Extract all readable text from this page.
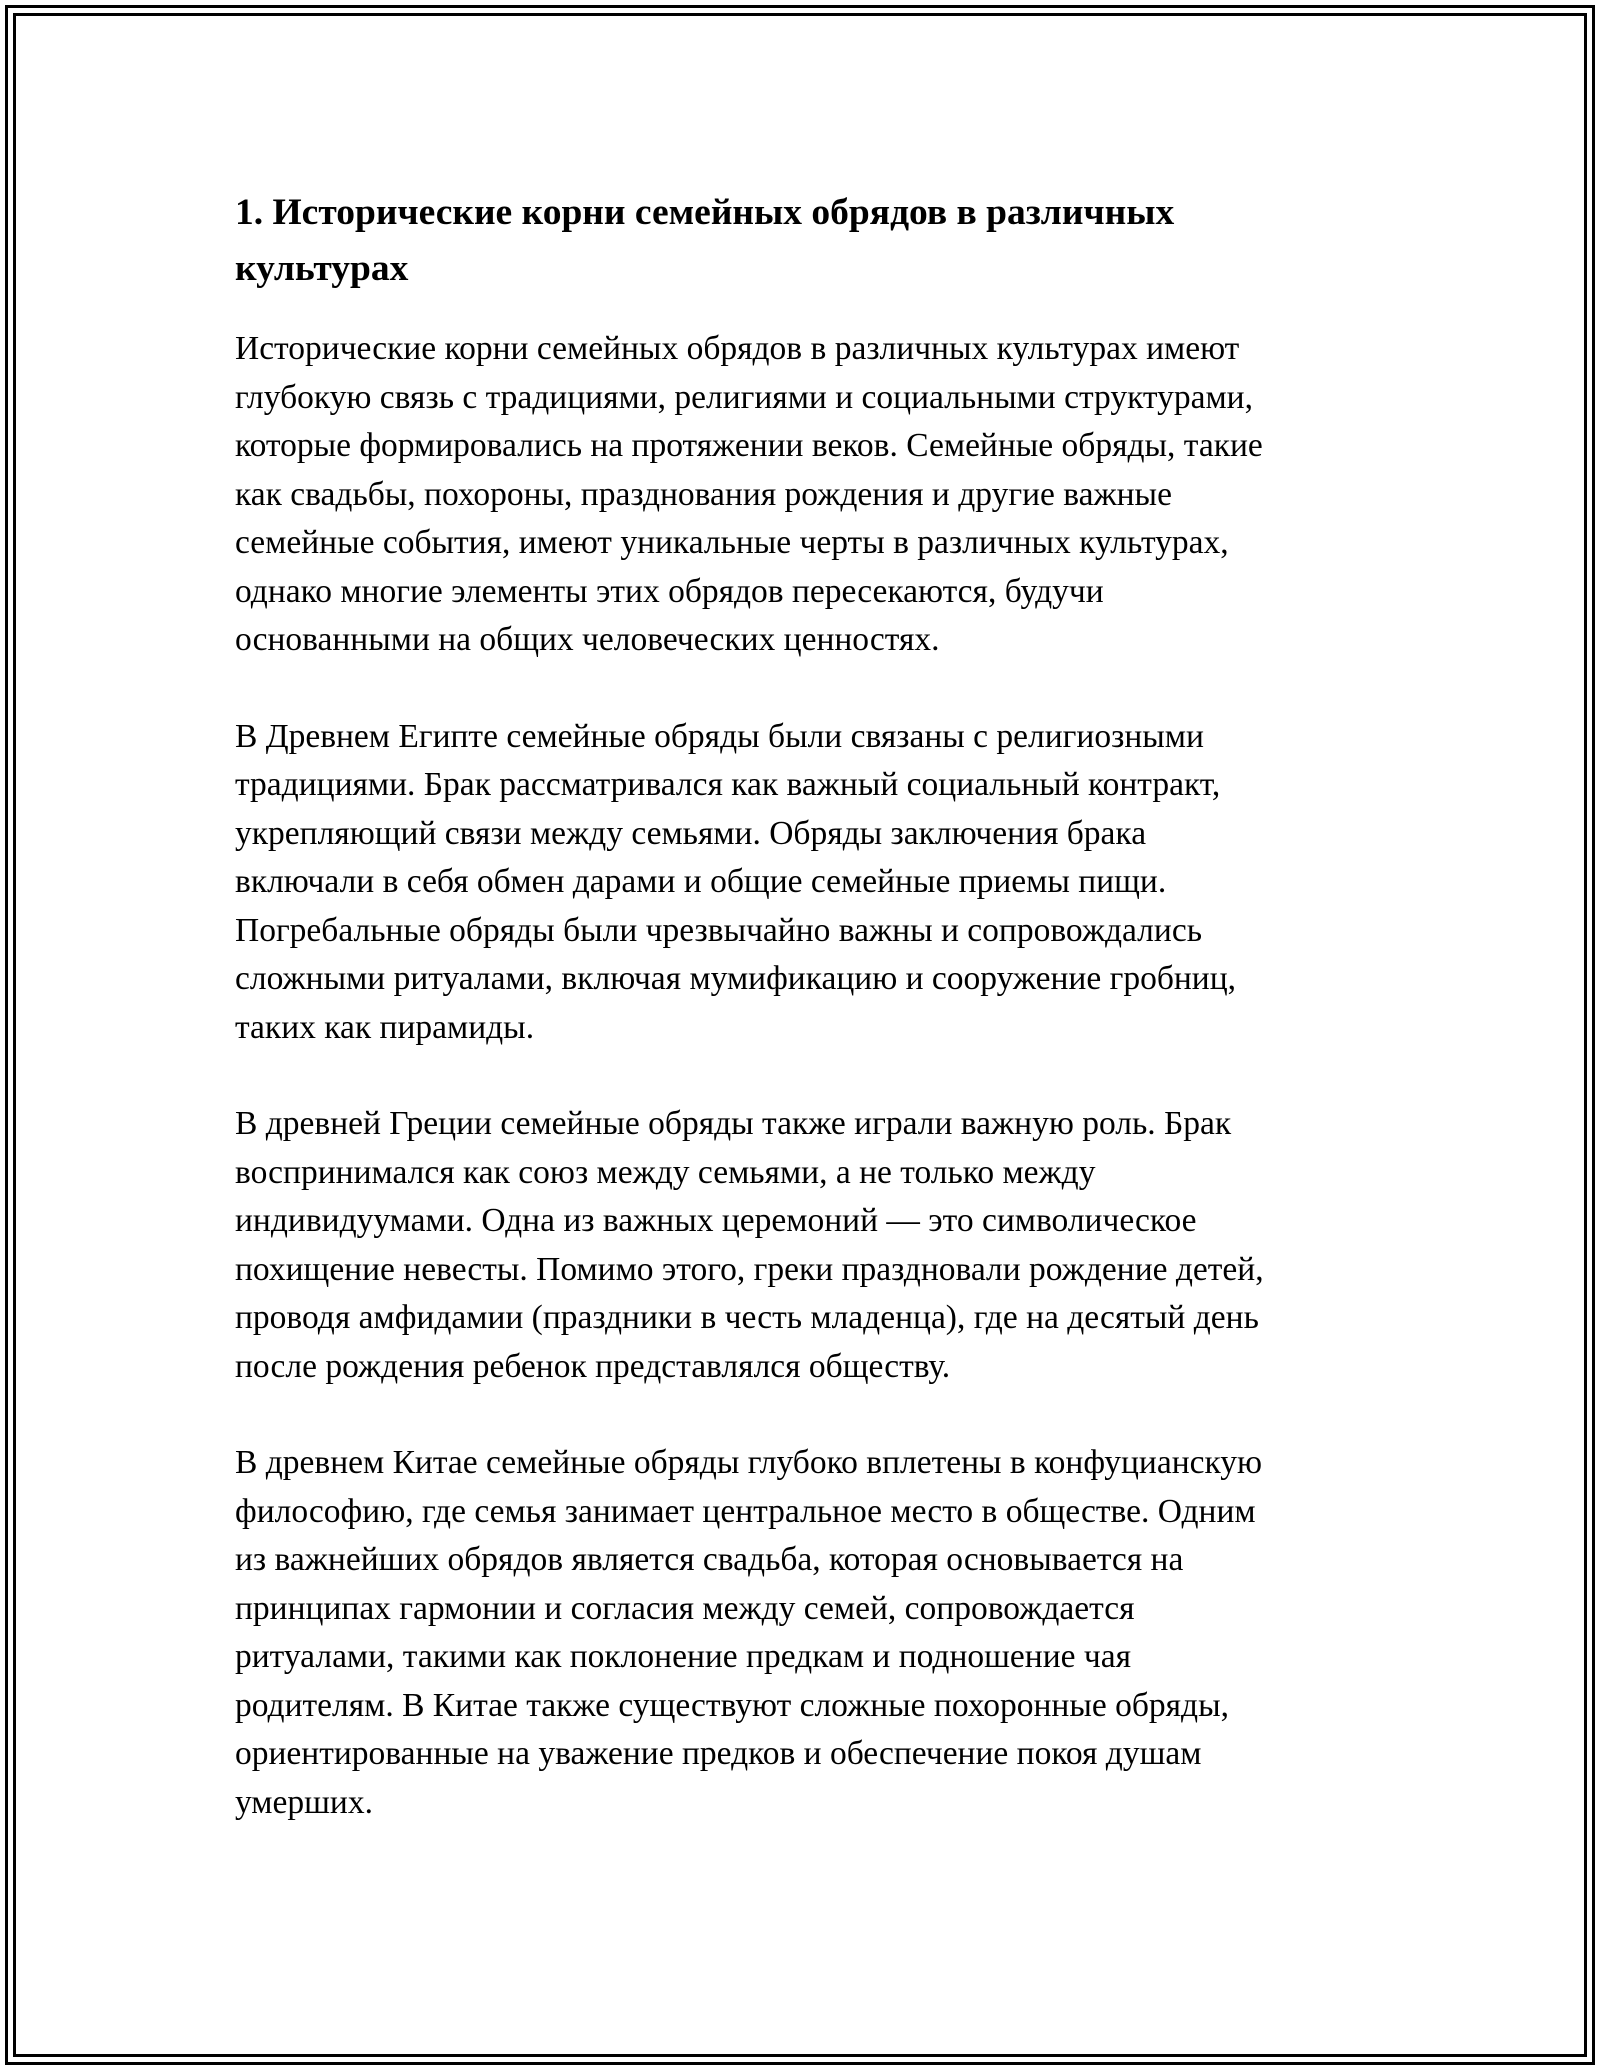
1. Исторические корни семейных обрядов в различных
культурах

Исторические корни семейных обрядов в различных культурах имеют
глубокую связь с традициями, религиями и социальными структурами,
которые формировались на протяжении веков. Семейные обряды, такие
как свадьбы, похороны, празднования рождения и другие важные
семейные события, имеют уникальные черты в различных культурах,
однако многие элементы этих обрядов пересекаются, будучи
основанными на общих человеческих ценностях.

В Древнем Египте семейные обряды были связаны с религиозными
традициями. Брак рассматривался как важный социальный контракт,
укрепляющий связи между семьями. Обряды заключения брака
включали в себя обмен дарами и общие семейные приемы пищи.
Погребальные обряды были чрезвычайно важны и сопровождались
сложными ритуалами, включая мумификацию и сооружение гробниц,
таких как пирамиды.

В древней Греции семейные обряды также играли важную роль. Брак
воспринимался как союз между семьями, а не только между
индивидуумами. Одна из важных церемоний — это символическое
похищение невесты. Помимо этого, греки праздновали рождение детей,
проводя амфидамии (праздники в честь младенца), где на десятый день
после рождения ребенок представлялся обществу.

В древнем Китае семейные обряды глубоко вплетены в конфуцианскую
философию, где семья занимает центральное место в обществе. Одним
из важнейших обрядов является свадьба, которая основывается на
принципах гармонии и согласия между семей, сопровождается
ритуалами, такими как поклонение предкам и подношение чая
родителям. В Китае также существуют сложные похоронные обряды,
ориентированные на уважение предков и обеспечение покоя душам
умерших.
